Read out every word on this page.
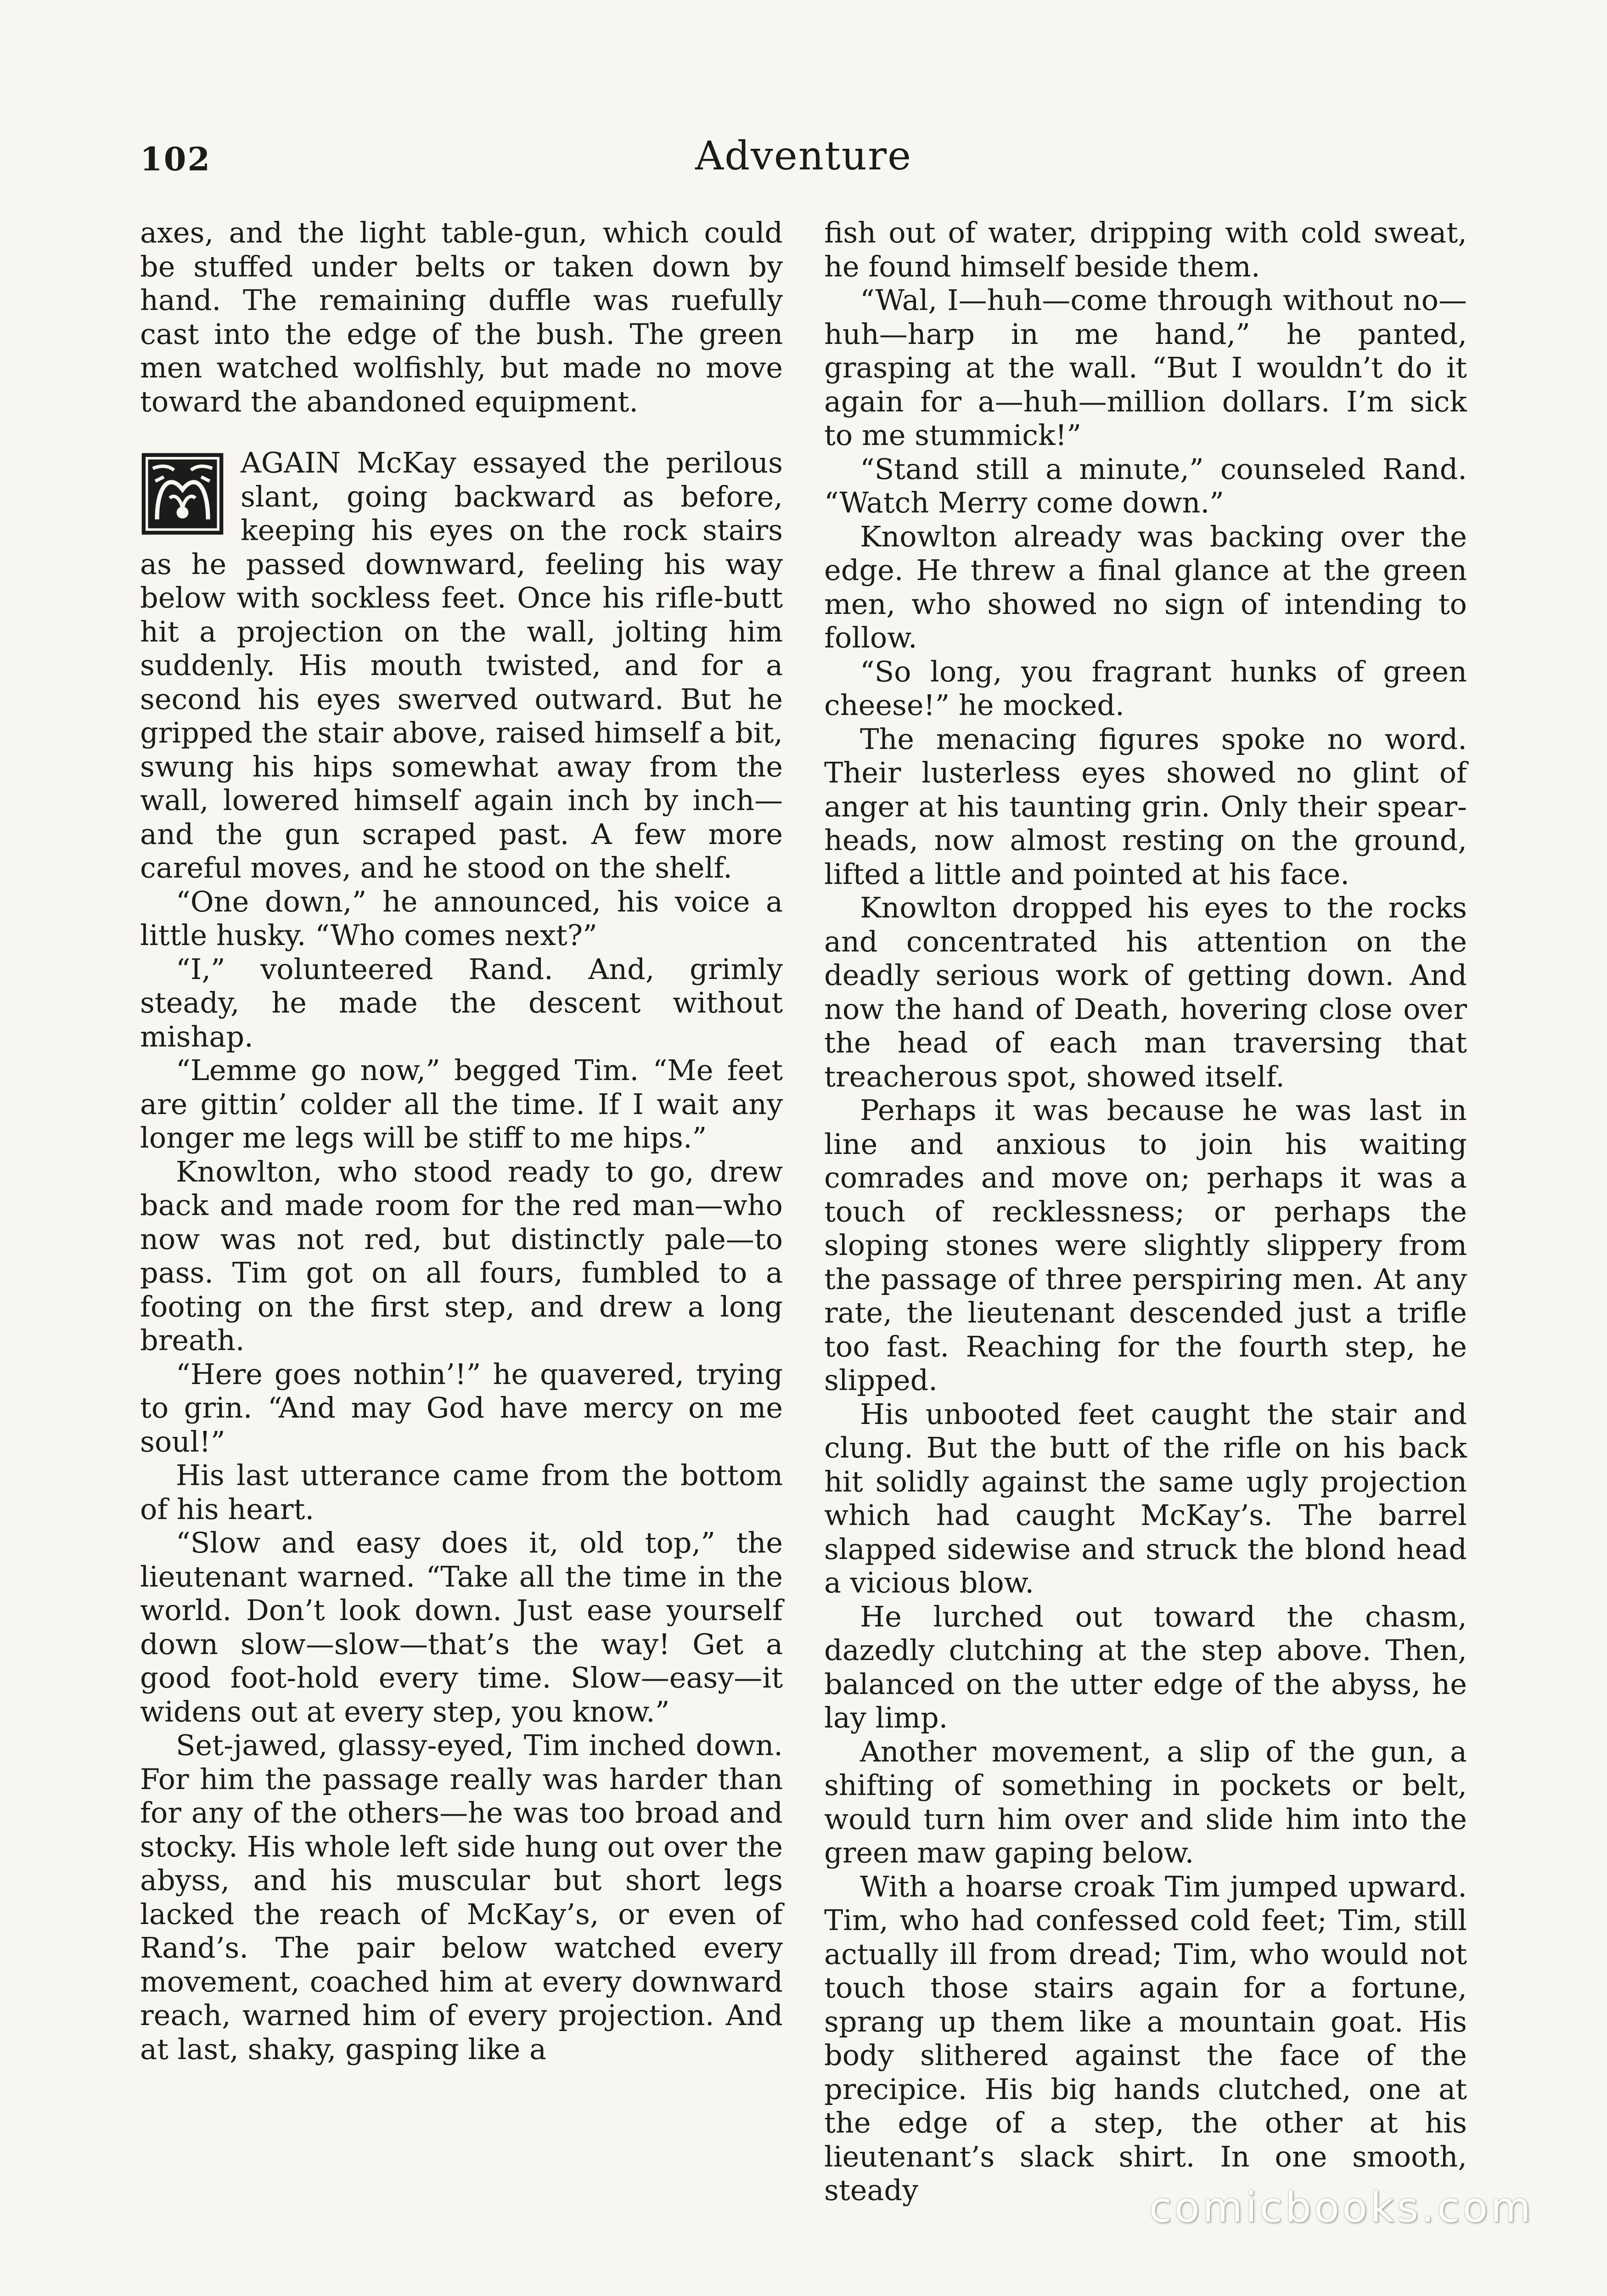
102	Adventure

axes, and the light table-gun, which could be stuffed under belts or taken down by hand. The remaining duffle was ruefully cast into the edge of the bush. The green men watched wolfishly, but made no move toward the abandoned equipment.

AGAIN McKay essayed the perilous slant, going backward as before, keeping his eyes on the rock stairs as he passed downward, feeling his way below with sockless feet. Once his rifle-butt hit a projection on the wall, jolting him suddenly. His mouth twisted, and for a second his eyes swerved outward. But he gripped the stair above, raised himself a bit, swung his hips somewhat away from the wall, lowered himself again inch by inch—and the gun scraped past. A few more careful moves, and he stood on the shelf.

“One down,” he announced, his voice a little husky. “Who comes next?”

“I,” volunteered Rand. And, grimly steady, he made the descent without mishap.

“Lemme go now,” begged Tim. “Me feet are gittin’ colder all the time. If I wait any longer me legs will be stiff to me hips.”

Knowlton, who stood ready to go, drew back and made room for the red man—who now was not red, but distinctly pale—to pass. Tim got on all fours, fumbled to a footing on the first step, and drew a long breath.

“Here goes nothin’!” he quavered, trying to grin. “And may God have mercy on me soul!”

His last utterance came from the bottom of his heart.

“Slow and easy does it, old top,” the lieutenant warned. “Take all the time in the world. Don’t look down. Just ease yourself down slow—slow—that’s the way! Get a good foot-hold every time. Slow—easy—it widens out at every step, you know.”

Set-jawed, glassy-eyed, Tim inched down. For him the passage really was harder than for any of the others—he was too broad and stocky. His whole left side hung out over the abyss, and his muscular but short legs lacked the reach of McKay’s, or even of Rand’s. The pair below watched every movement, coached him at every downward reach, warned him of every projection. And at last, shaky, gasping like a

fish out of water, dripping with cold sweat, he found himself beside them.

“Wal, I—huh—come through without no—huh—harp in me hand,” he panted, grasping at the wall. “But I wouldn’t do it again for a—huh—million dollars. I’m sick to me stummick!”

“Stand still a minute,” counseled Rand. “Watch Merry come down.”

Knowlton already was backing over the edge. He threw a final glance at the green men, who showed no sign of intending to follow.

“So long, you fragrant hunks of green cheese!” he mocked.

The menacing figures spoke no word. Their lusterless eyes showed no glint of anger at his taunting grin. Only their spear-heads, now almost resting on the ground, lifted a little and pointed at his face.

Knowlton dropped his eyes to the rocks and concentrated his attention on the deadly serious work of getting down. And now the hand of Death, hovering close over the head of each man traversing that treacherous spot, showed itself.

Perhaps it was because he was last in line and anxious to join his waiting comrades and move on; perhaps it was a touch of recklessness; or perhaps the sloping stones were slightly slippery from the passage of three perspiring men. At any rate, the lieutenant descended just a trifle too fast. Reaching for the fourth step, he slipped.

His unbooted feet caught the stair and clung. But the butt of the rifle on his back hit solidly against the same ugly projection which had caught McKay’s. The barrel slapped sidewise and struck the blond head a vicious blow.

He lurched out toward the chasm, dazedly clutching at the step above. Then, balanced on the utter edge of the abyss, he lay limp.

Another movement, a slip of the gun, a shifting of something in pockets or belt, would turn him over and slide him into the green maw gaping below.

With a hoarse croak Tim jumped upward. Tim, who had confessed cold feet; Tim, still actually ill from dread; Tim, who would not touch those stairs again for a fortune, sprang up them like a mountain goat. His body slithered against the face of the precipice. His big hands clutched, one at the edge of a step, the other at his lieutenant’s slack shirt. In one smooth, steady	comicbooks.com
